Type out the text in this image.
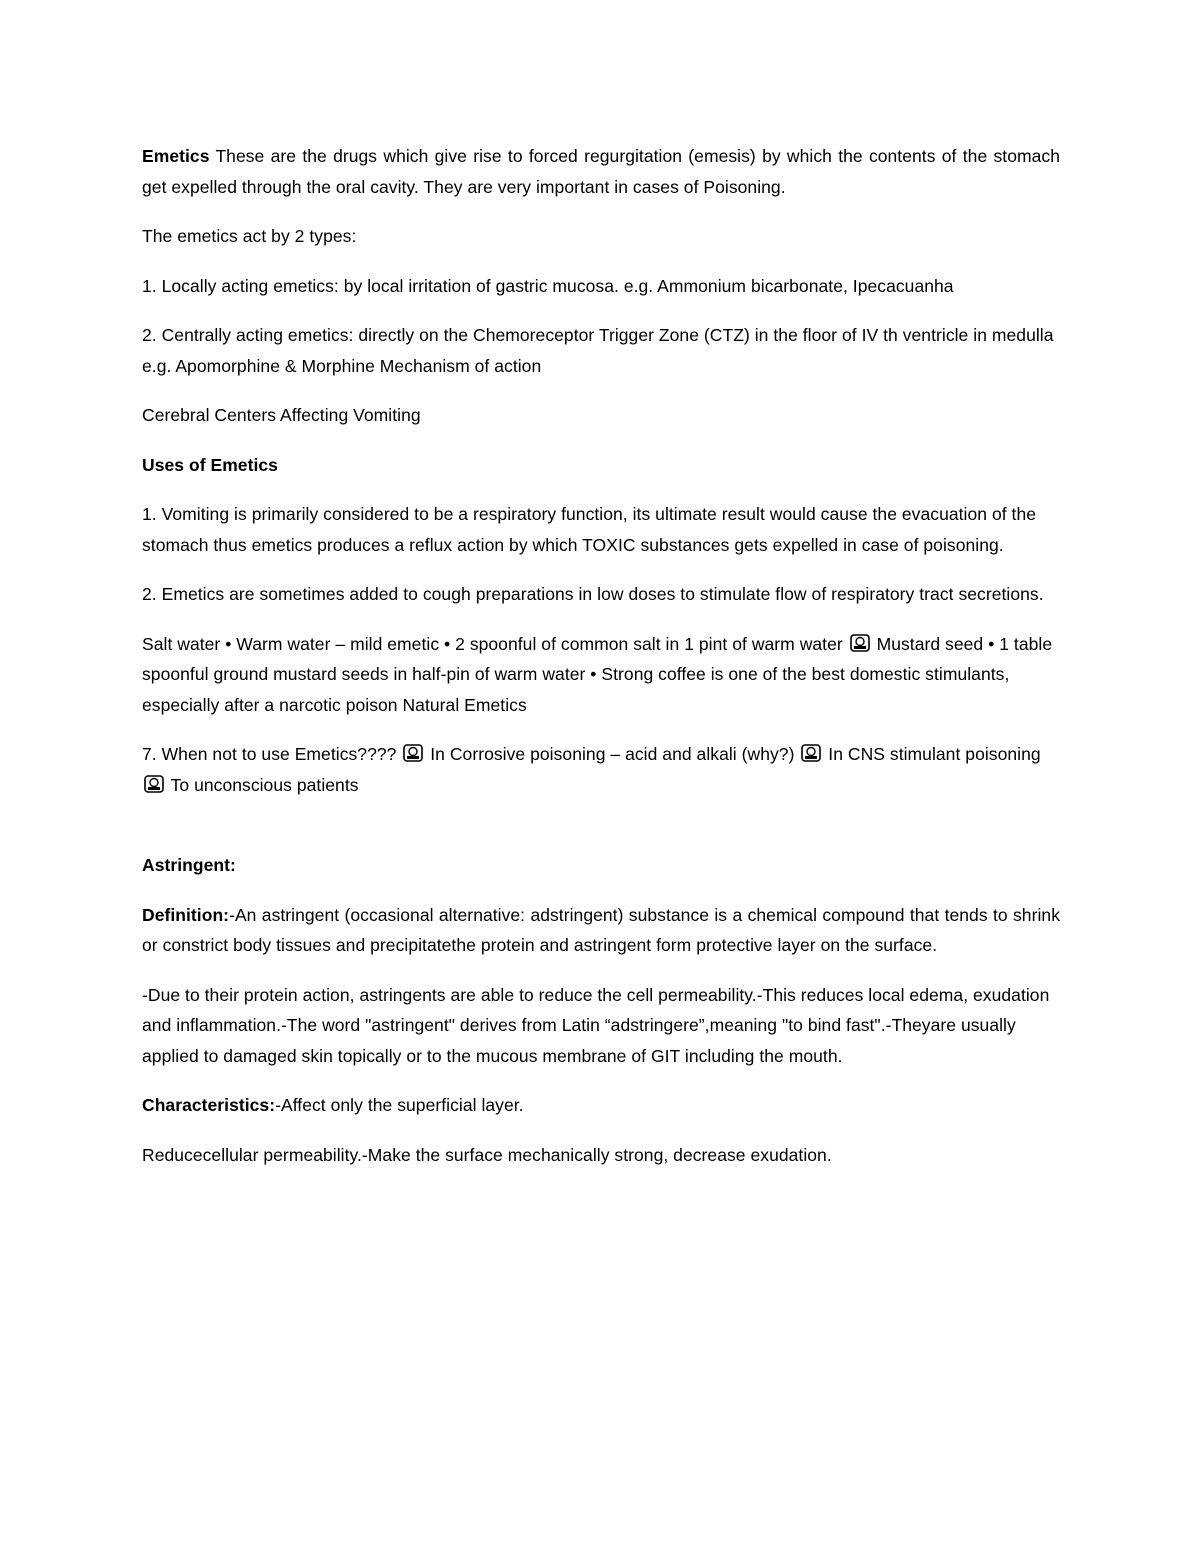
Emetics These are the drugs which give rise to forced regurgitation (emesis) by which the contents of the stomach get expelled through the oral cavity. They are very important in cases of Poisoning.

The emetics act by 2 types:

1. Locally acting emetics: by local irritation of gastric mucosa. e.g. Ammonium bicarbonate, Ipecacuanha

2. Centrally acting emetics: directly on the Chemoreceptor Trigger Zone (CTZ) in the floor of IV th ventricle in medulla e.g. Apomorphine & Morphine Mechanism of action

Cerebral Centers Affecting Vomiting

Uses of Emetics

1. Vomiting is primarily considered to be a respiratory function, its ultimate result would cause the evacuation of the stomach thus emetics produces a reflux action by which TOXIC substances gets expelled in case of poisoning.

2. Emetics are sometimes added to cough preparations in low doses to stimulate flow of respiratory tract secretions.

Salt water • Warm water – mild emetic • 2 spoonful of common salt in 1 pint of warm water
Mustard seed • 1 table spoonful ground mustard seeds in half-pin of warm water • Strong coffee is one of the best domestic stimulants, especially after a narcotic poison Natural Emetics

7. When not to use Emetics????
In Corrosive poisoning – acid and alkali (why?)
In CNS stimulant poisoning
To unconscious patients

Astringent:

Definition:-An astringent (occasional alternative: adstringent) substance is a chemical compound that tends to shrink or constrict body tissues and precipitatethe protein and astringent form protective layer on the surface.

-Due to their protein action, astringents are able to reduce the cell permeability.-This reduces local edema, exudation and inflammation.-The word "astringent" derives from Latin “adstringere”,meaning "to bind fast".-Theyare usually applied to damaged skin topically or to the mucous membrane of GIT including the mouth.

Characteristics:-Affect only the superficial layer.

Reducecellular permeability.-Make the surface mechanically strong, decrease exudation.
